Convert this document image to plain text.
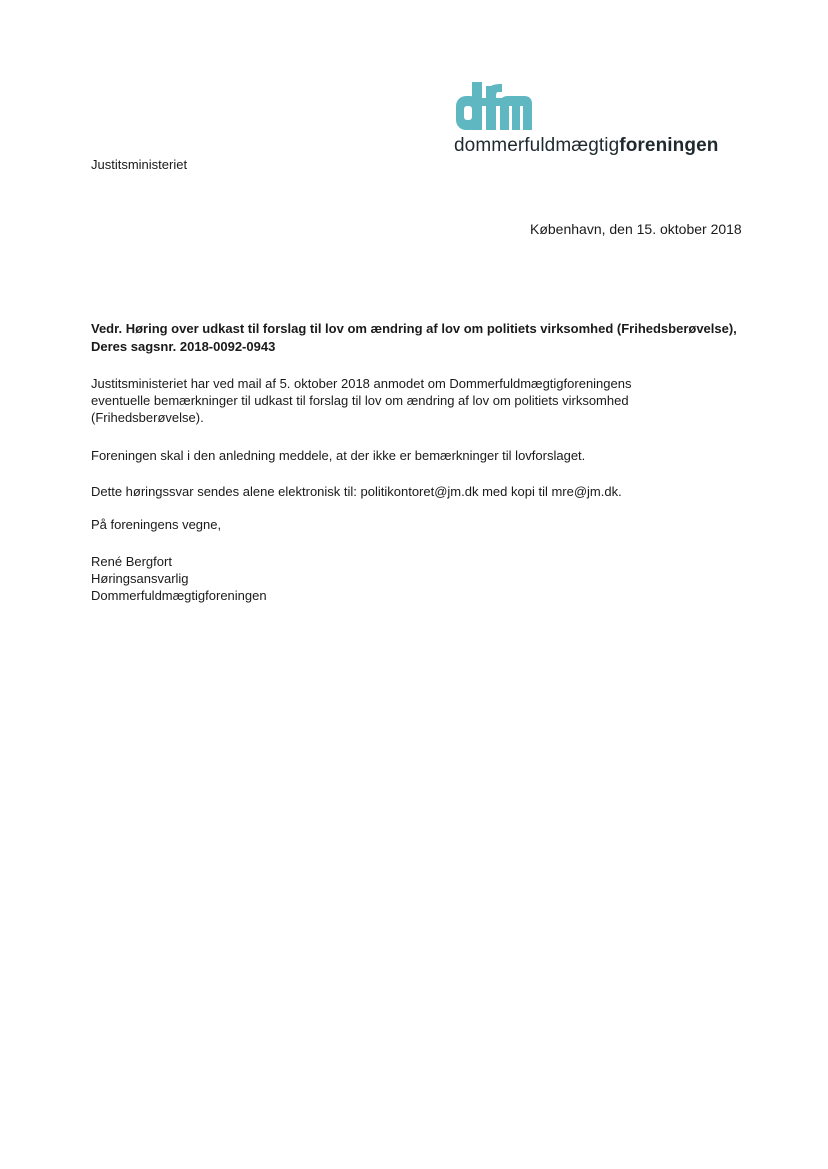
dommerfuldmægtigforeningen
Justitsministeriet
København, den 15. oktober 2018
Vedr. Høring over udkast til forslag til lov om ændring af lov om politiets virksomhed (Frihedsberøvelse),
Deres sagsnr. 2018-0092-0943
Justitsministeriet har ved mail af 5. oktober 2018 anmodet om Dommerfuldmægtigforeningens
eventuelle bemærkninger til udkast til forslag til lov om ændring af lov om politiets virksomhed
(Frihedsberøvelse).
Foreningen skal i den anledning meddele, at der ikke er bemærkninger til lovforslaget.
Dette høringssvar sendes alene elektronisk til: politikontoret@jm.dk med kopi til mre@jm.dk.
På foreningens vegne,
René Bergfort
Høringsansvarlig
Dommerfuldmægtigforeningen
